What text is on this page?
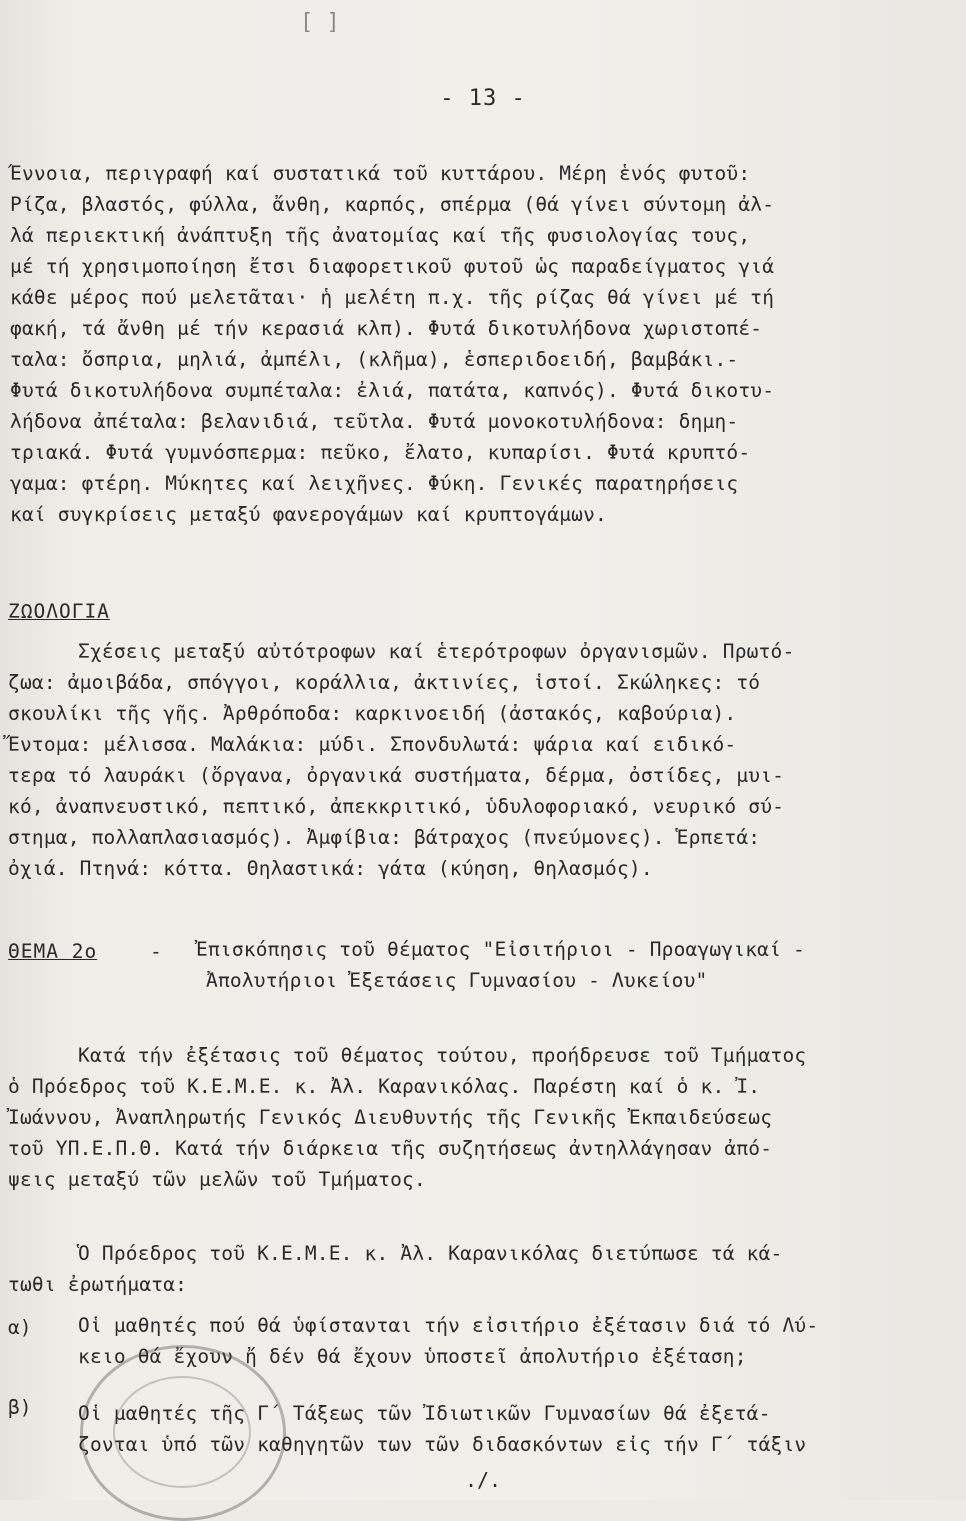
[ ]
- 13 -
Έννοια, περιγραφή καί συστατικά τοῦ κυττάρου. Μέρη ἑνός φυτοῦ:
Ρίζα, βλαστός, φύλλα, ἄνθη, καρπός, σπέρμα (θά γίνει σύντομη ἀλ-
λά περιεκτική ἀνάπτυξη τῆς ἀνατομίας καί τῆς φυσιολογίας τους,
μέ τή χρησιμοποίηση ἔτσι διαφορετικοῦ φυτοῦ ὡς παραδείγματος γιά
κάθε μέρος πού μελετᾶται· ἡ μελέτη π.χ. τῆς ρίζας θά γίνει μέ τή
φακή, τά ἄνθη μέ τήν κερασιά κλπ). Φυτά δικοτυλήδονα χωριστοπέ-
ταλα: ὄσπρια, μηλιά, ἀμπέλι, (κλῆμα), ἑσπεριδοειδή, βαμβάκι.-
Φυτά δικοτυλήδονα συμπέταλα: ἐλιά, πατάτα, καπνός). Φυτά δικοτυ-
λήδονα ἀπέταλα: βελανιδιά, τεῦτλα. Φυτά μονοκοτυλήδονα: δημη-
τριακά. Φυτά γυμνόσπερμα: πεῦκο, ἔλατο, κυπαρίσι. Φυτά κρυπτό-
γαμα: φτέρη. Μύκητες καί λειχῆνες. Φύκη. Γενικές παρατηρήσεις
καί συγκρίσεις μεταξύ φανερογάμων καί κρυπτογάμων.
ΖΩΟΛΟΓΙΑ
Σχέσεις μεταξύ αὐτότροφων καί ἑτερότροφων ὀργανισμῶν. Πρωτό-
ζωα: ἀμοιβάδα, σπόγγοι, κοράλλια, ἀκτινίες, ἱστοί. Σκώληκες: τό
σκουλίκι τῆς γῆς. Ἀρθρόποδα: καρκινοειδή (ἀστακός, καβούρια).
Ἔντομα: μέλισσα. Μαλάκια: μύδι. Σπονδυλωτά: ψάρια καί ειδικό-
τερα τό λαυράκι (ὄργανα, ὀργανικά συστήματα, δέρμα, ὀστίδες, μυι-
κό, ἀναπνευστικό, πεπτικό, ἀπεκκριτικό, ὑδυλοφοριακό, νευρικό σύ-
στημα, πολλαπλασιασμός). Ἀμφίβια: βάτραχος (πνεύμονες). Ἑρπετά:
ὀχιά. Πτηνά: κόττα. Θηλαστικά: γάτα (κύηση, θηλασμός).
ΘΕΜΑ 2ο	- Ἐπισκόπησις τοῦ θέματος "Εἰσιτήριοι - Προαγωγικαί -
Ἀπολυτήριοι Ἐξετάσεις Γυμνασίου - Λυκείου"
Κατά τήν ἐξέτασις τοῦ θέματος τούτου, προήδρευσε τοῦ Τμήματος
ὁ Πρόεδρος τοῦ Κ.Ε.Μ.Ε. κ. Ἀλ. Καρανικόλας. Παρέστη καί ὁ κ. Ἰ.
Ἰωάννου, Ἀναπληρωτής Γενικός Διευθυντής τῆς Γενικῆς Ἐκπαιδεύσεως
τοῦ ΥΠ.Ε.Π.Θ. Κατά τήν διάρκεια τῆς συζητήσεως ἀντηλλάγησαν ἀπό-
ψεις μεταξύ τῶν μελῶν τοῦ Τμήματος.
Ὁ Πρόεδρος τοῦ Κ.Ε.Μ.Ε. κ. Ἀλ. Καρανικόλας διετύπωσε τά κά-
τωθι ἐρωτήματα:
α) Οἱ μαθητές πού θά ὑφίστανται τήν εἰσιτήριο ἐξέτασιν διά τό Λύ-
κειο θά ἔχουν ἤ δέν θά ἔχουν ὑποστεῖ ἀπολυτήριο ἐξέταση;
β) Οἱ μαθητές τῆς Γ΄ Τάξεως τῶν Ἰδιωτικῶν Γυμνασίων θά ἐξετά-
ζονται ὑπό τῶν καθηγητῶν των τῶν διδασκόντων εἰς τήν Γ΄ τάξιν
./.
